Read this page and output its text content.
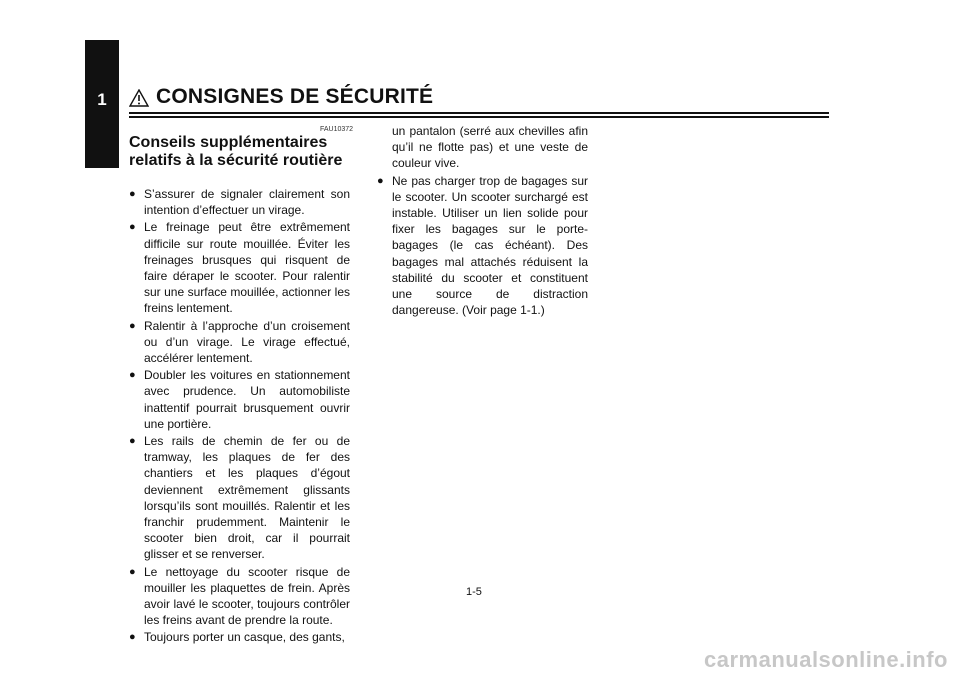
1	CONSIGNES DE SÉCURITÉ
FAU10372
Conseils supplémentaires
relatifs à la sécurité routière
● S’assurer de signaler clairement son intention d’effectuer un virage.
● Le freinage peut être extrêmement difficile sur route mouillée. Éviter les freinages brusques qui risquent de faire déraper le scooter. Pour ralentir sur une surface mouillée, actionner les freins lentement.
● Ralentir à l’approche d’un croisement ou d’un virage. Le virage effectué, accélérer lentement.
● Doubler les voitures en stationnement avec prudence. Un automobiliste inattentif pourrait brusquement ouvrir une portière.
● Les rails de chemin de fer ou de tramway, les plaques de fer des chantiers et les plaques d’égout deviennent extrêmement glissants lorsqu’ils sont mouillés. Ralentir et les franchir prudemment. Maintenir le scooter bien droit, car il pourrait glisser et se renverser.
● Le nettoyage du scooter risque de mouiller les plaquettes de frein. Après avoir lavé le scooter, toujours contrôler les freins avant de prendre la route.
● Toujours porter un casque, des gants,

un pantalon (serré aux chevilles afin qu’il ne flotte pas) et une veste de couleur vive.

● Ne pas charger trop de bagages sur le scooter. Un scooter surchargé est instable. Utiliser un lien solide pour fixer les bagages sur le porte-bagages (le cas échéant). Des bagages mal attachés réduisent la stabilité du scooter et constituent une source de distraction dangereuse. (Voir page 1-1.)
1-5
carmanualsonline.info
